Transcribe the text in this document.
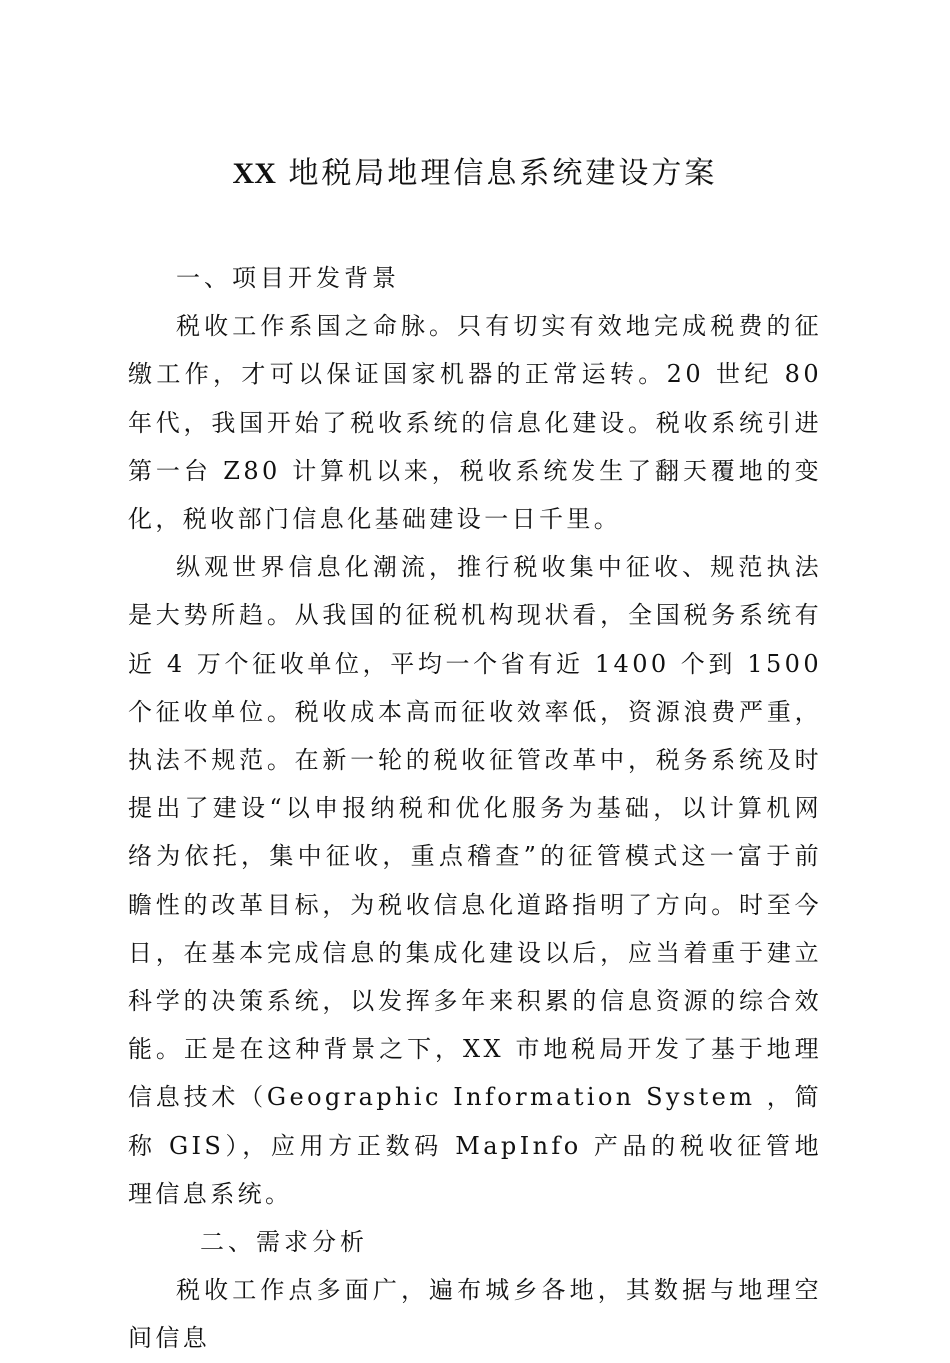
XX 地税局地理信息系统建设方案

一、项目开发背景

税收工作系国之命脉。只有切实有效地完成税费的征缴工作，才可以保证国家机器的正常运转。20 世纪 80 年代，我国开始了税收系统的信息化建设。税收系统引进第一台 Z80 计算机以来，税收系统发生了翻天覆地的变化，税收部门信息化基础建设一日千里。

纵观世界信息化潮流，推行税收集中征收、规范执法是大势所趋。从我国的征税机构现状看，全国税务系统有近 4 万个征收单位，平均一个省有近 1400 个到 1500 个征收单位。税收成本高而征收效率低，资源浪费严重，执法不规范。在新一轮的税收征管改革中，税务系统及时提出了建设“以申报纳税和优化服务为基础，以计算机网络为依托，集中征收，重点稽查”的征管模式这一富于前瞻性的改革目标，为税收信息化道路指明了方向。时至今日，在基本完成信息的集成化建设以后，应当着重于建立科学的决策系统，以发挥多年来积累的信息资源的综合效能。正是在这种背景之下，XX 市地税局开发了基于地理信息技术（Geographic Information System ，简称 GIS），应用方正数码 MapInfo 产品的税收征管地理信息系统。

二、需求分析

税收工作点多面广，遍布城乡各地，其数据与地理空间信息
